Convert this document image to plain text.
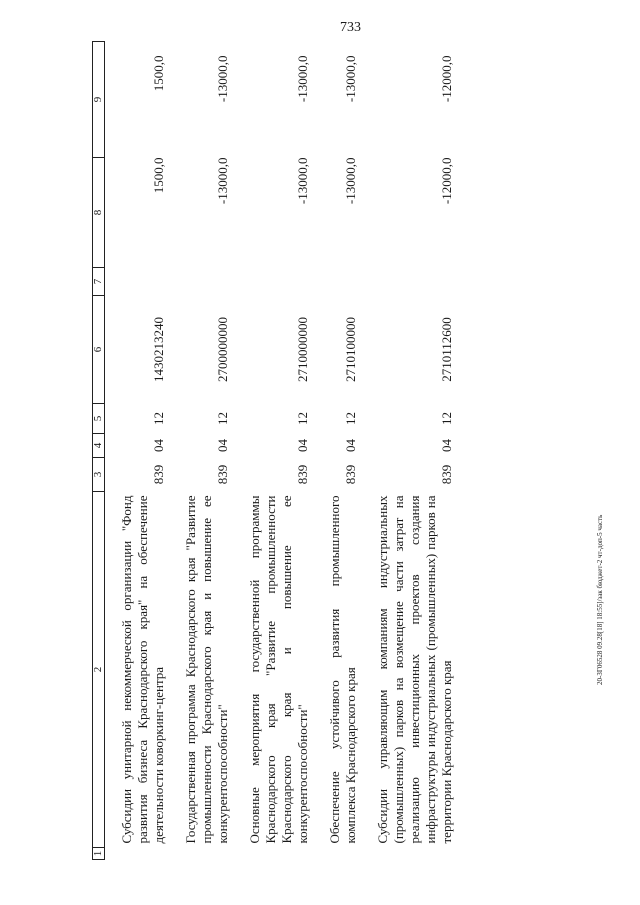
733
20-ЗГ06528 09.28[18] 18:55]/зак бюджет-2 чт-доп-5 часть
1	2	3	4	5	6	7	8	9
	Субсидии унитарной некоммерческой организации "Фонд развития бизнеса Краснодарского края" на обеспечение деятельности коворкинг-центра	839	04	12	1430213240		1500,0	1500,0
	Государственная программа Краснодарского края "Развитие промышленности Краснодарского края и повышение ее конкурентоспособности"	839	04	12	2700000000		-13000,0	-13000,0
	Основные мероприятия государственной программы Краснодарского края "Развитие промышленности Краснодарского края и повышение ее конкурентоспособности"	839	04	12	2710000000		-13000,0	-13000,0
	Обеспечение устойчивого развития промышленного комплекса Краснодарского края	839	04	12	2710100000		-13000,0	-13000,0
	Субсидии управляющим компаниям индустриальных (промышленных) парков на возмещение части затрат на реализацию инвестиционных проектов создания инфраструктуры индустриальных (промышленных) парков на территории Краснодарского края	839	04	12	2710112600		-12000,0	-12000,0
